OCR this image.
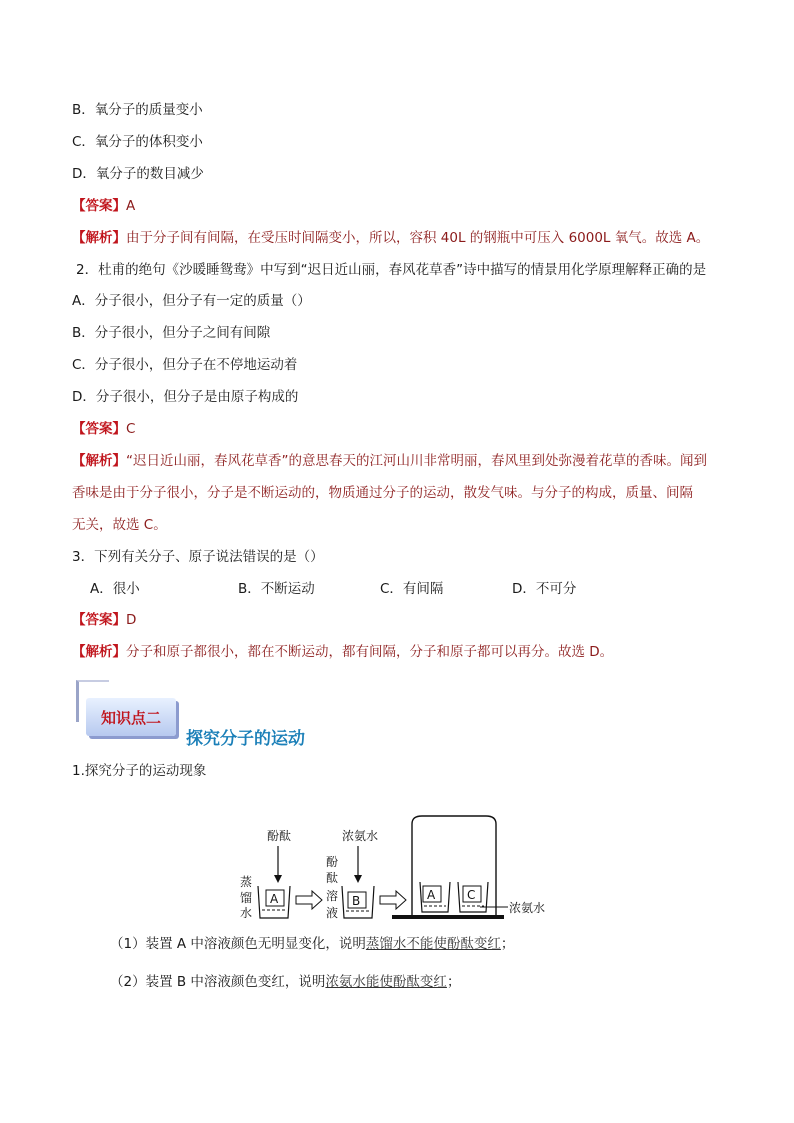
B．氧分子的质量变小
C．氧分子的体积变小
D．氧分子的数目减少
【答案】A
【解析】由于分子间有间隔，在受压时间隔变小，所以，容积 40L 的钢瓶中可压入 6000L 氧气。故选 A。
2．杜甫的绝句《沙暖睡鸳鸯》中写到“迟日近山丽，春风花草香”诗中描写的情景用化学原理解释正确的是
A．分子很小，但分子有一定的质量（）
B．分子很小，但分子之间有间隙
C．分子很小，但分子在不停地运动着
D．分子很小，但分子是由原子构成的
【答案】C
【解析】“迟日近山丽，春风花草香”的意思春天的江河山川非常明丽，春风里到处弥漫着花草的香味。闻到
香味是由于分子很小，分子是不断运动的，物质通过分子的运动，散发气味。与分子的构成，质量、间隔
无关，故选 C。
3．下列有关分子、原子说法错误的是（）
A．很小	B．不断运动	C．有间隔	D．不可分
【答案】D
【解析】分子和原子都很小，都在不断运动，都有间隔，分子和原子都可以再分。故选 D。
知识点二
探究分子的运动
1.探究分子的运动现象
酚酞
蒸
馏
水
A
酚
酞
溶
液
浓氨水
B	A	C
浓氨水
（1）装置 A 中溶液颜色无明显变化，说明蒸馏水不能使酚酞变红；
（2）装置 B 中溶液颜色变红，说明浓氨水能使酚酞变红；
